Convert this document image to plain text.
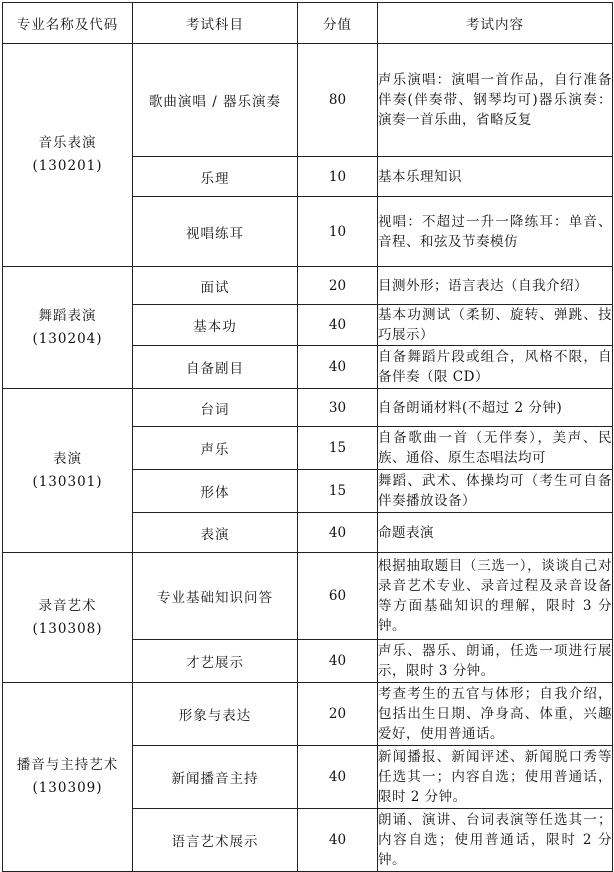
专业名称及代码	考试科目	分值	考试内容

音乐表演
(130201)	歌曲演唱 / 器乐演奏	80	声乐演唱：演唱一首作品，自行准备伴奏(伴奏带、钢琴均可)器乐演奏：演奏一首乐曲，省略反复
	乐理	10	基本乐理知识
	视唱练耳	10	视唱：不超过一升一降练耳：单音、音程、和弦及节奏模仿

舞蹈表演
(130204)	面试	20	目测外形；语言表达（自我介绍）
	基本功	40	基本功测试（柔韧、旋转、弹跳、技巧展示）
	自备剧目	40	自备舞蹈片段或组合，风格不限，自备伴奏（限 CD）

表演
(130301)	台词	30	自备朗诵材料(不超过 2 分钟)
	声乐	15	自备歌曲一首（无伴奏），美声、民族、通俗、原生态唱法均可
	形体	15	舞蹈、武术、体操均可（考生可自备伴奏播放设备）
	表演	40	命题表演

录音艺术
(130308)	专业基础知识问答	60	根据抽取题目（三选一），谈谈自己对录音艺术专业、录音过程及录音设备等方面基础知识的理解，限时 3 分钟。
	才艺展示	40	声乐、器乐、朗诵，任选一项进行展示，限时 3 分钟。

播音与主持艺术
(130309)	形象与表达	20	考查考生的五官与体形；自我介绍，包括出生日期、净身高、体重，兴趣爱好，使用普通话。
	新闻播音主持	40	新闻播报、新闻评述、新闻脱口秀等任选其一；内容自选；使用普通话，限时 2 分钟。
	语言艺术展示	40	朗诵、演讲、台词表演等任选其一；内容自选；使用普通话，限时 2 分钟。
